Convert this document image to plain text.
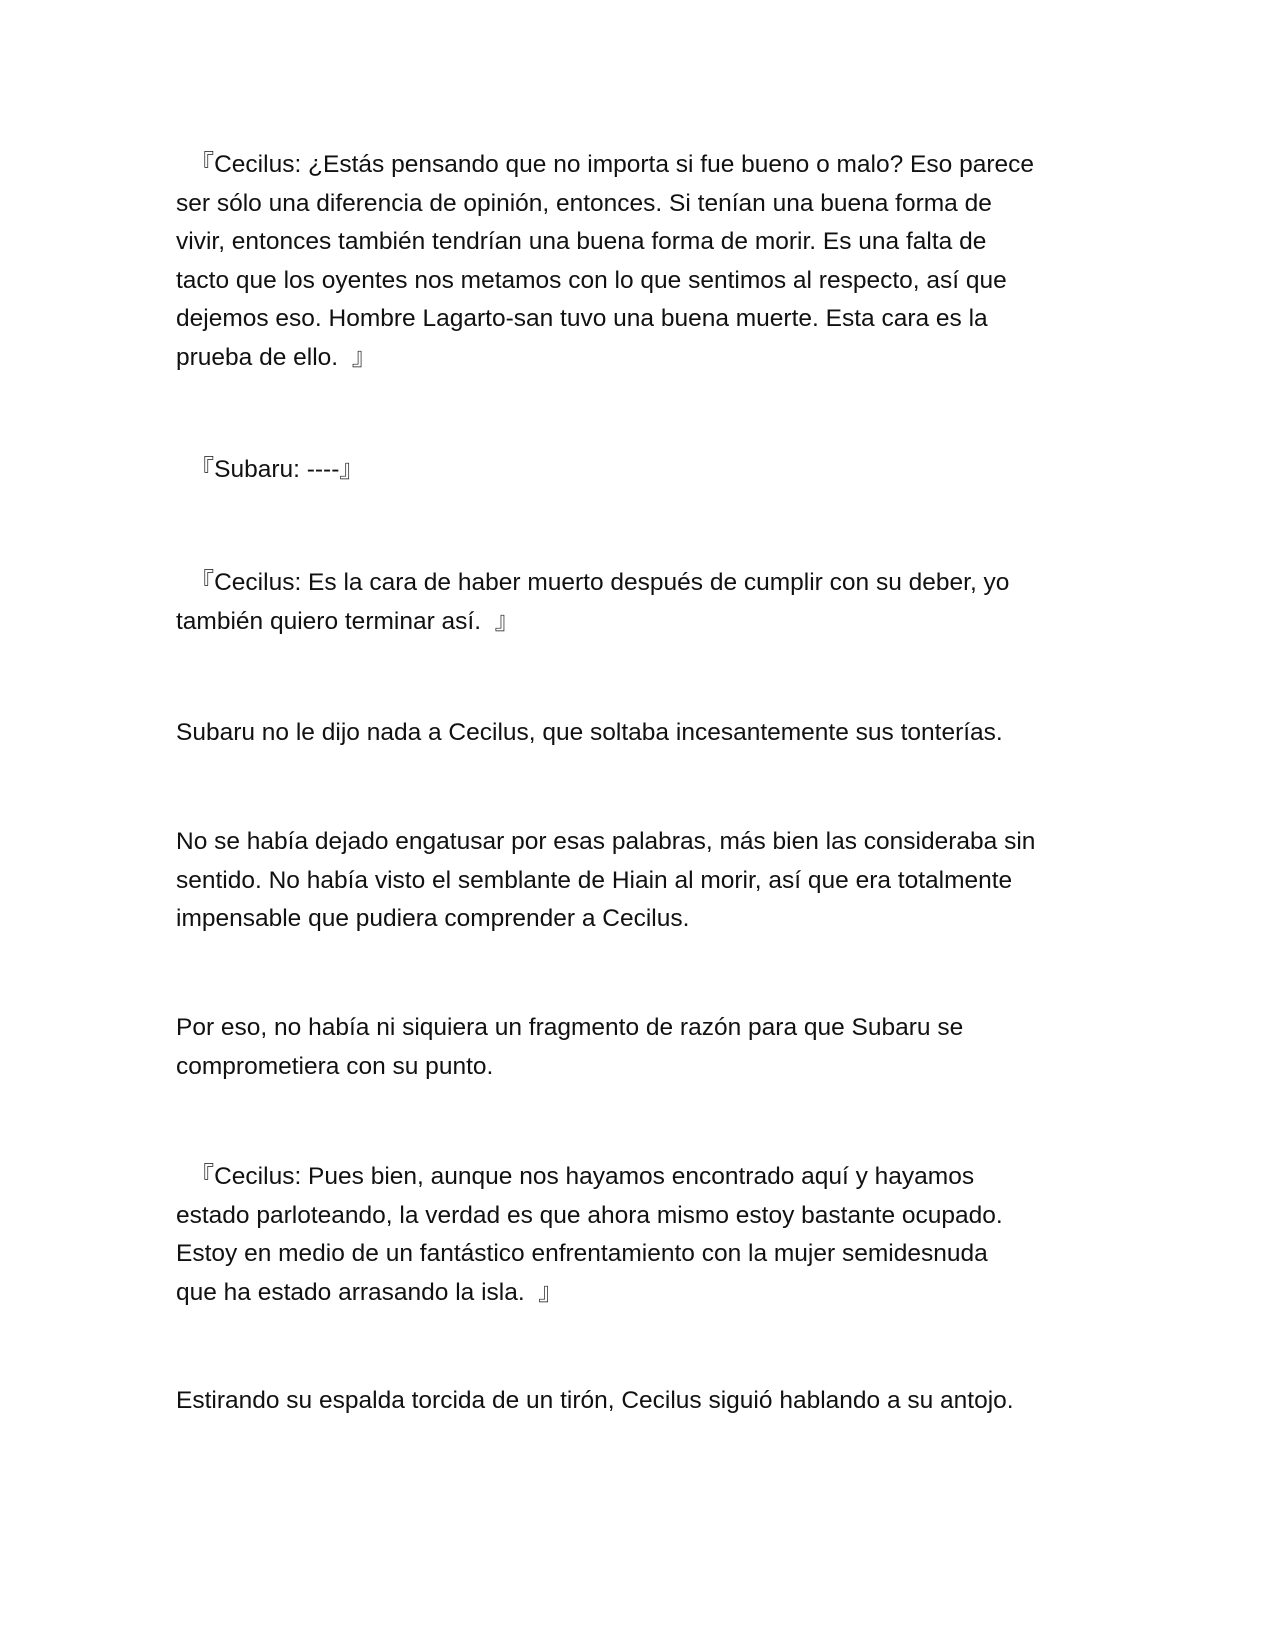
『Cecilus: ¿Estás pensando que no importa si fue bueno o malo? Eso parece
ser sólo una diferencia de opinión, entonces. Si tenían una buena forma de
vivir, entonces también tendrían una buena forma de morir. Es una falta de
tacto que los oyentes nos metamos con lo que sentimos al respecto, así que
dejemos eso. Hombre Lagarto-san tuvo una buena muerte. Esta cara es la
prueba de ello.  』

『Subaru: ----』

『Cecilus: Es la cara de haber muerto después de cumplir con su deber, yo
también quiero terminar así.  』

Subaru no le dijo nada a Cecilus, que soltaba incesantemente sus tonterías.

No se había dejado engatusar por esas palabras, más bien las consideraba sin
sentido. No había visto el semblante de Hiain al morir, así que era totalmente
impensable que pudiera comprender a Cecilus.

Por eso, no había ni siquiera un fragmento de razón para que Subaru se
comprometiera con su punto.

『Cecilus: Pues bien, aunque nos hayamos encontrado aquí y hayamos
estado parloteando, la verdad es que ahora mismo estoy bastante ocupado.
Estoy en medio de un fantástico enfrentamiento con la mujer semidesnuda
que ha estado arrasando la isla.  』

Estirando su espalda torcida de un tirón, Cecilus siguió hablando a su antojo.
